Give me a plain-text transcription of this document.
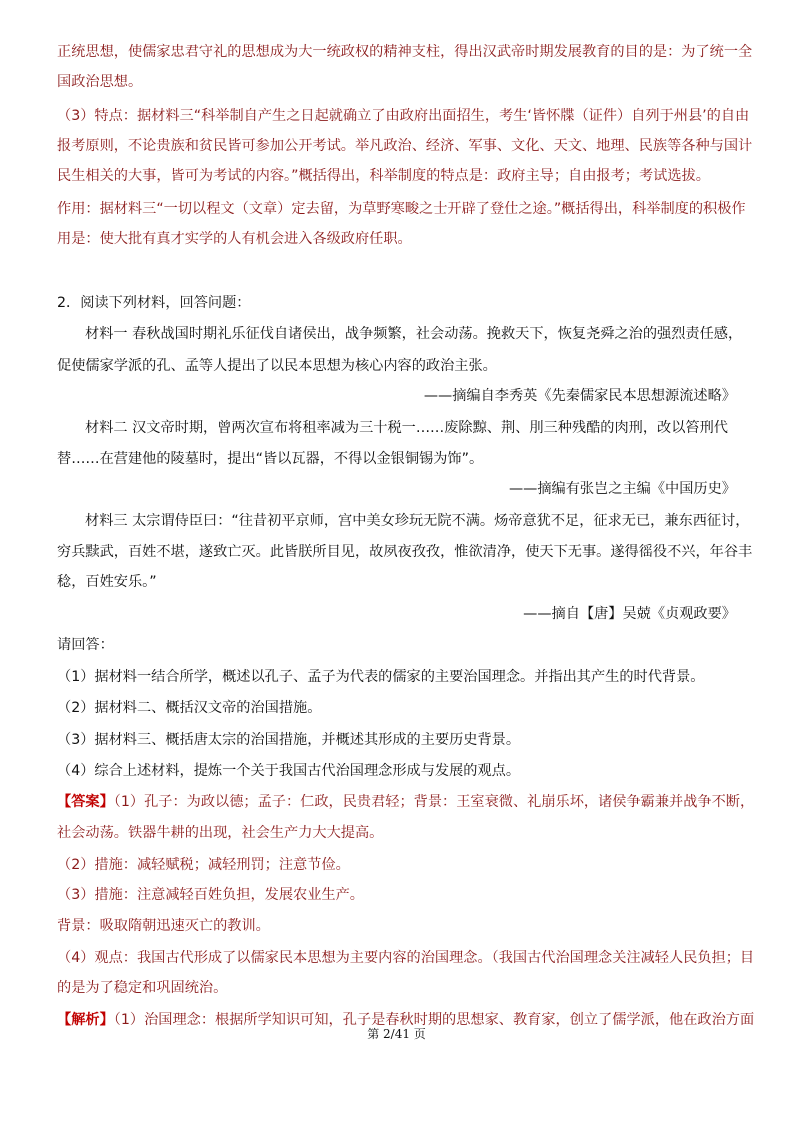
正统思想，使儒家忠君守礼的思想成为大一统政权的精神支柱，得出汉武帝时期发展教育的目的是：为了统一全
国政治思想。
（3）特点：据材料三“科举制自产生之日起就确立了由政府出面招生，考生‘皆怀牒（证件）自列于州县’的自由
报考原则，不论贵族和贫民皆可参加公开考试。举凡政治、经济、军事、文化、天文、地理、民族等各种与国计
民生相关的大事，皆可为考试的内容。”概括得出，科举制度的特点是：政府主导；自由报考；考试选拔。
作用：据材料三“一切以程文（文章）定去留，为草野寒畯之士开辟了登仕之途。”概括得出，科举制度的积极作
用是：使大批有真才实学的人有机会进入各级政府任职。
2．阅读下列材料，回答问题：
材料一 春秋战国时期礼乐征伐自诸侯出，战争频繁，社会动荡。挽救天下，恢复尧舜之治的强烈责任感，
促使儒家学派的孔、孟等人提出了以民本思想为核心内容的政治主张。
——摘编自李秀英《先秦儒家民本思想源流述略》
材料二 汉文帝时期，曾两次宣布将租率减为三十税一……废除黥、荆、刖三种残酷的肉刑，改以笞刑代
替……在营建他的陵墓时，提出“皆以瓦器，不得以金银铜锡为饰”。
——摘编有张岂之主编《中国历史》
材料三 太宗谓侍臣曰：“往昔初平京师，宫中美女珍玩无院不满。炀帝意犹不足，征求无已，兼东西征讨，
穷兵黩武，百姓不堪，遂致亡灭。此皆朕所目见，故夙夜孜孜，惟欲清净，使天下无事。遂得徭役不兴，年谷丰
稔，百姓安乐。”
——摘自【唐】吴兢《贞观政要》
请回答：
（1）据材料一结合所学，概述以孔子、孟子为代表的儒家的主要治国理念。并指出其产生的时代背景。
（2）据材料二、概括汉文帝的治国措施。
（3）据材料三、概括唐太宗的治国措施，并概述其形成的主要历史背景。
（4）综合上述材料，提炼一个关于我国古代治国理念形成与发展的观点。
【答案】（1）孔子：为政以德；孟子：仁政，民贵君轻；背景：王室衰微、礼崩乐坏，诸侯争霸兼并战争不断，
社会动荡。铁器牛耕的出现，社会生产力大大提高。
（2）措施：减轻赋税；减轻刑罚；注意节俭。
（3）措施：注意减轻百姓负担，发展农业生产。
背景：吸取隋朝迅速灭亡的教训。
（4）观点：我国古代形成了以儒家民本思想为主要内容的治国理念。（我国古代治国理念关注减轻人民负担；目
的是为了稳定和巩固统治。
【解析】（1）治国理念：根据所学知识可知，孔子是春秋时期的思想家、教育家，创立了儒学派，他在政治方面
第 2/41 页
